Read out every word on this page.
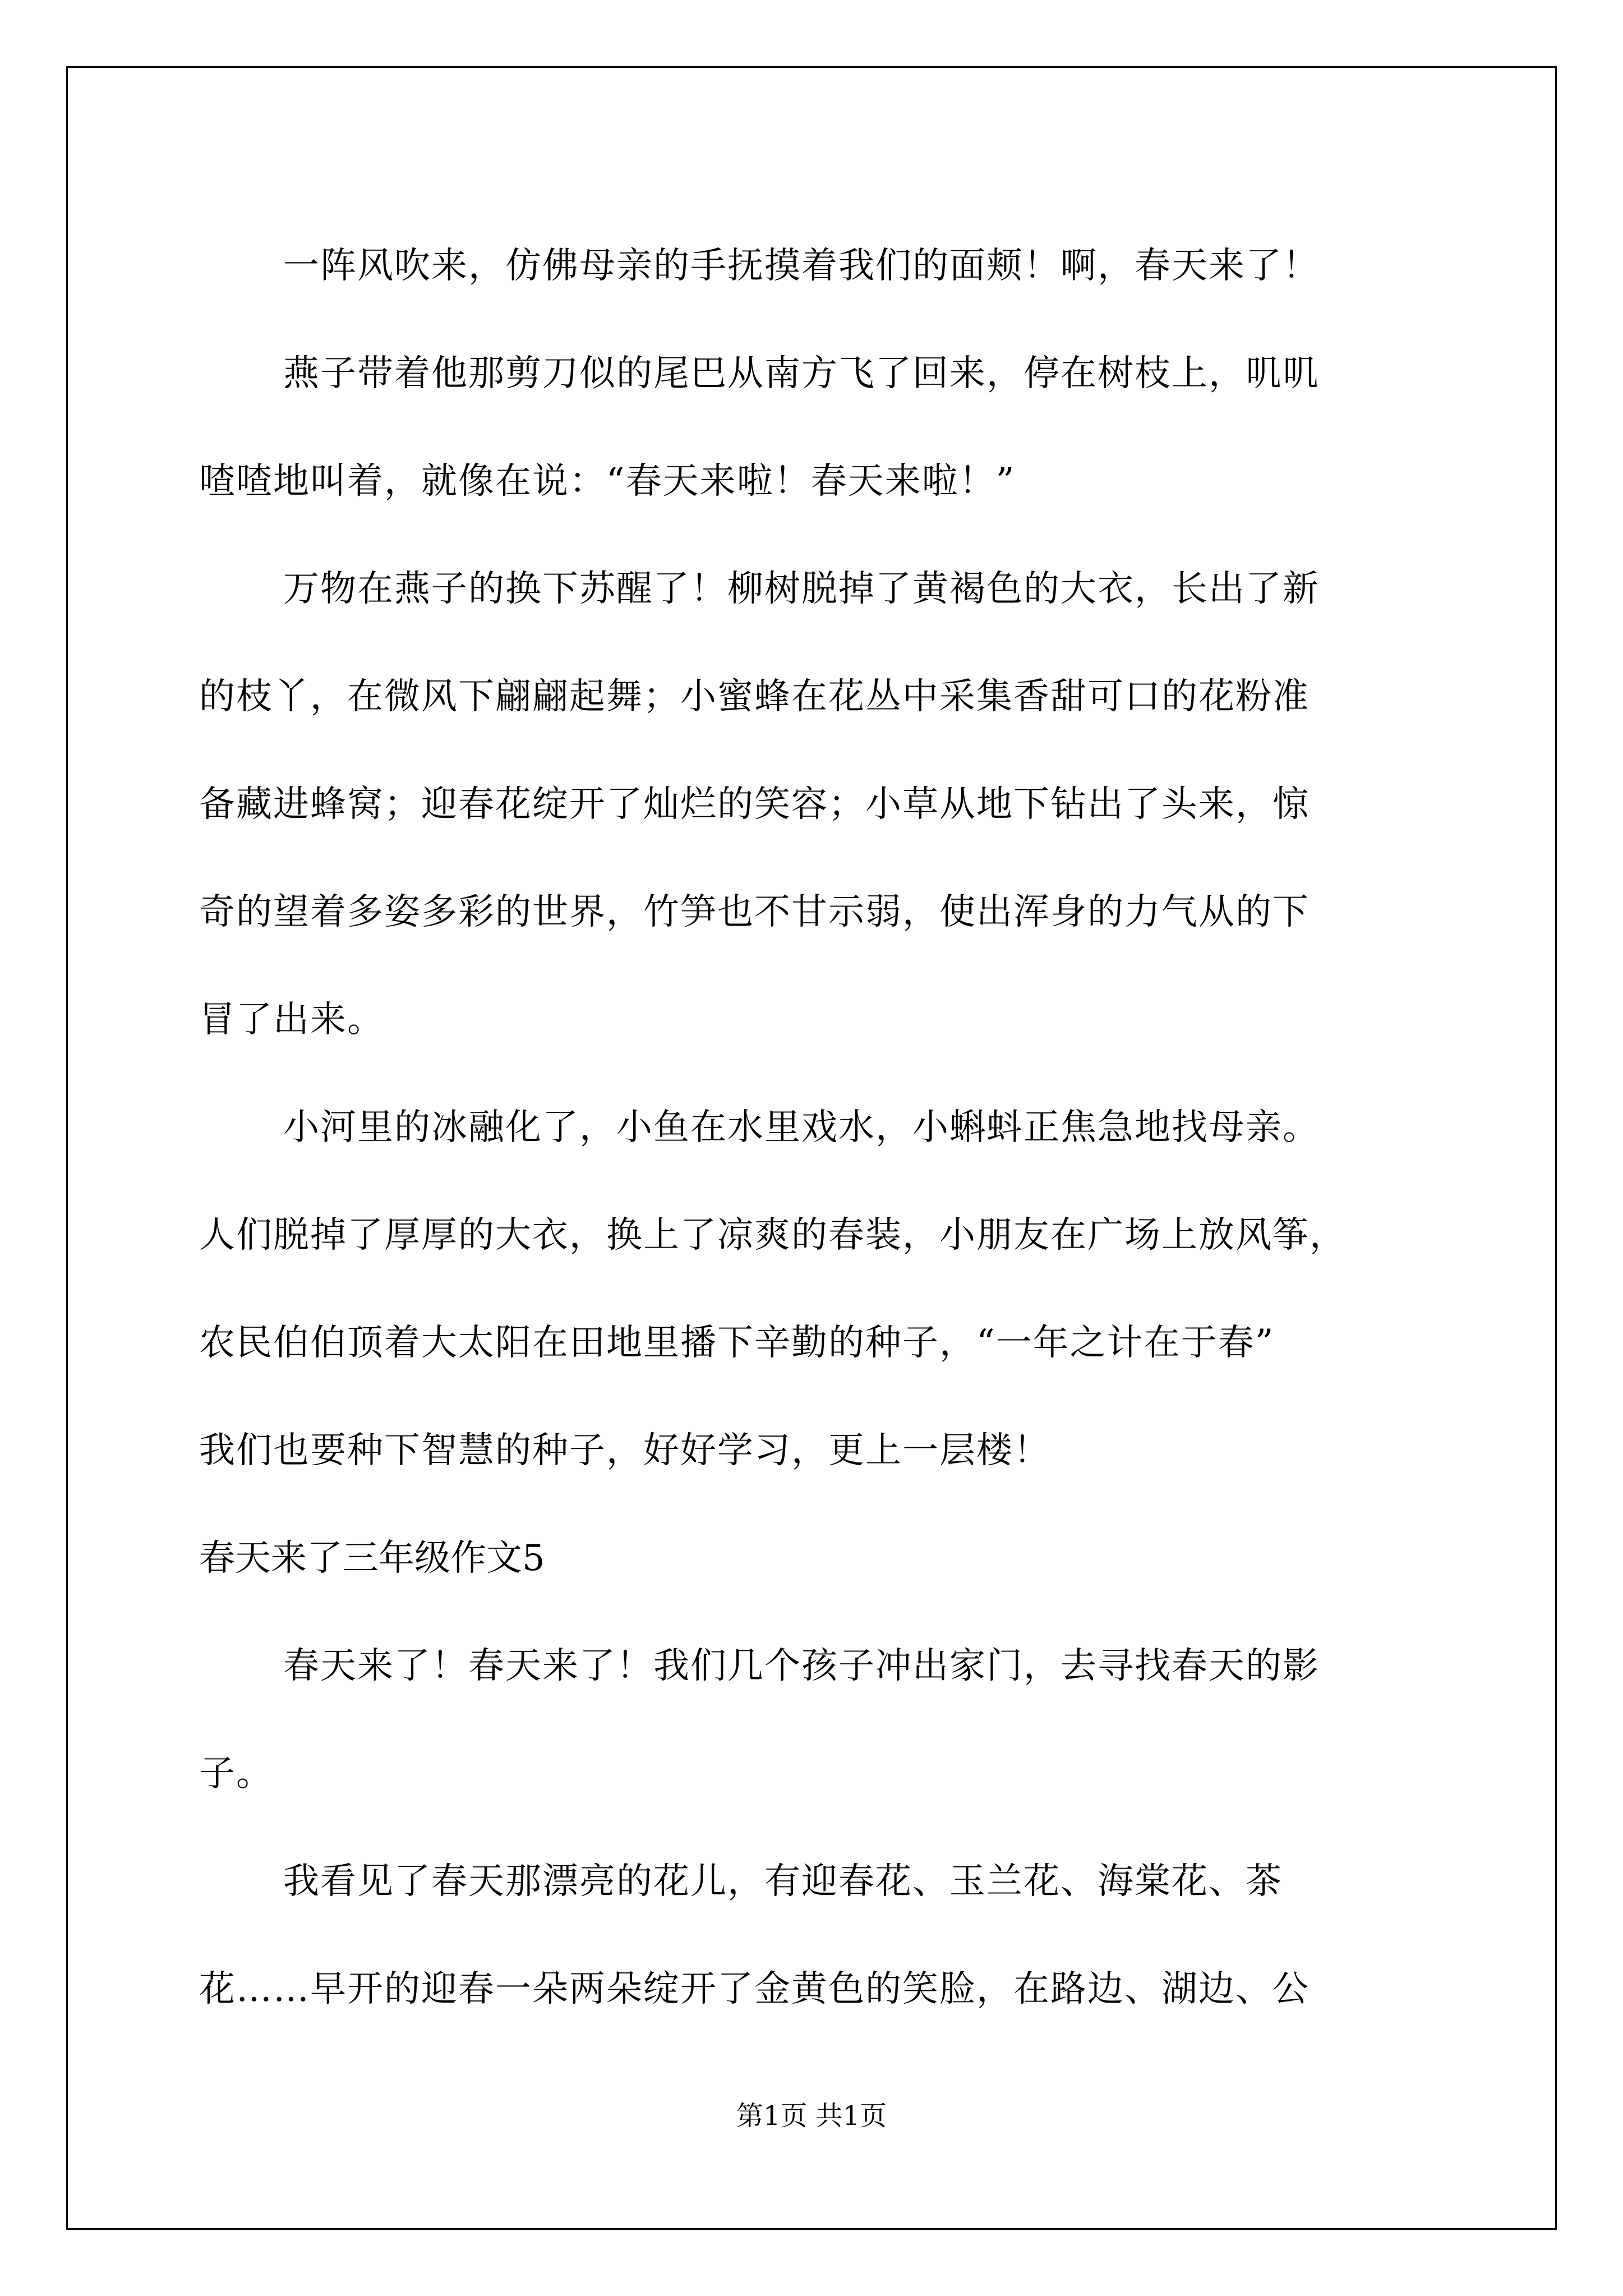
一阵风吹来，仿佛母亲的手抚摸着我们的面颊！啊，春天来了！
燕子带着他那剪刀似的尾巴从南方飞了回来，停在树枝上，叽叽
喳喳地叫着，就像在说：“春天来啦！春天来啦！”
万物在燕子的换下苏醒了！柳树脱掉了黄褐色的大衣，长出了新
的枝丫，在微风下翩翩起舞；小蜜蜂在花丛中采集香甜可口的花粉准
备藏进蜂窝；迎春花绽开了灿烂的笑容；小草从地下钻出了头来，惊
奇的望着多姿多彩的世界，竹笋也不甘示弱，使出浑身的力气从的下
冒了出来。
小河里的冰融化了，小鱼在水里戏水，小蝌蚪正焦急地找母亲。
人们脱掉了厚厚的大衣，换上了凉爽的春装，小朋友在广场上放风筝，
农民伯伯顶着大太阳在田地里播下辛勤的种子，“一年之计在于春”
我们也要种下智慧的种子，好好学习，更上一层楼！
春天来了三年级作文5
春天来了！春天来了！我们几个孩子冲出家门，去寻找春天的影
子。
我看见了春天那漂亮的花儿，有迎春花、玉兰花、海棠花、茶
花……早开的迎春一朵两朵绽开了金黄色的笑脸，在路边、湖边、公
第1页 共1页
